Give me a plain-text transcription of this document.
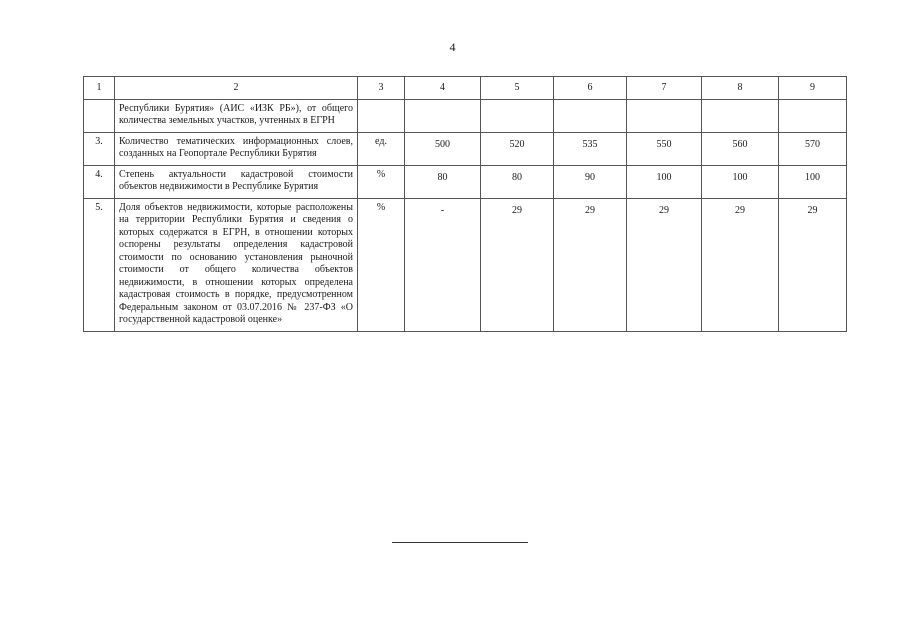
4
1	2	3	4	5	6	7	8	9
	Республики Бурятия» (АИС «ИЗК РБ»), от общего количества земельных участков, учтенных в ЕГРН							
3.	Количество тематических информационных слоев, созданных на Геопортале Республики Бурятия	ед.	500	520	535	550	560	570
4.	Степень актуальности кадастровой стоимости объектов недвижимости в Республике Бурятия	%	80	80	90	100	100	100
5.	Доля объектов недвижимости, которые расположены на территории Республики Бурятия и сведения о которых содержатся в ЕГРН, в отношении которых оспорены результаты определения кадастровой стоимости по основанию установления рыночной стоимости от общего количества объектов недвижимости, в отношении которых определена кадастровая стоимость в порядке, предусмотренном Федеральным законом от 03.07.2016 № 237-ФЗ «О государственной кадастровой оценке»	%	-	29	29	29	29	29
